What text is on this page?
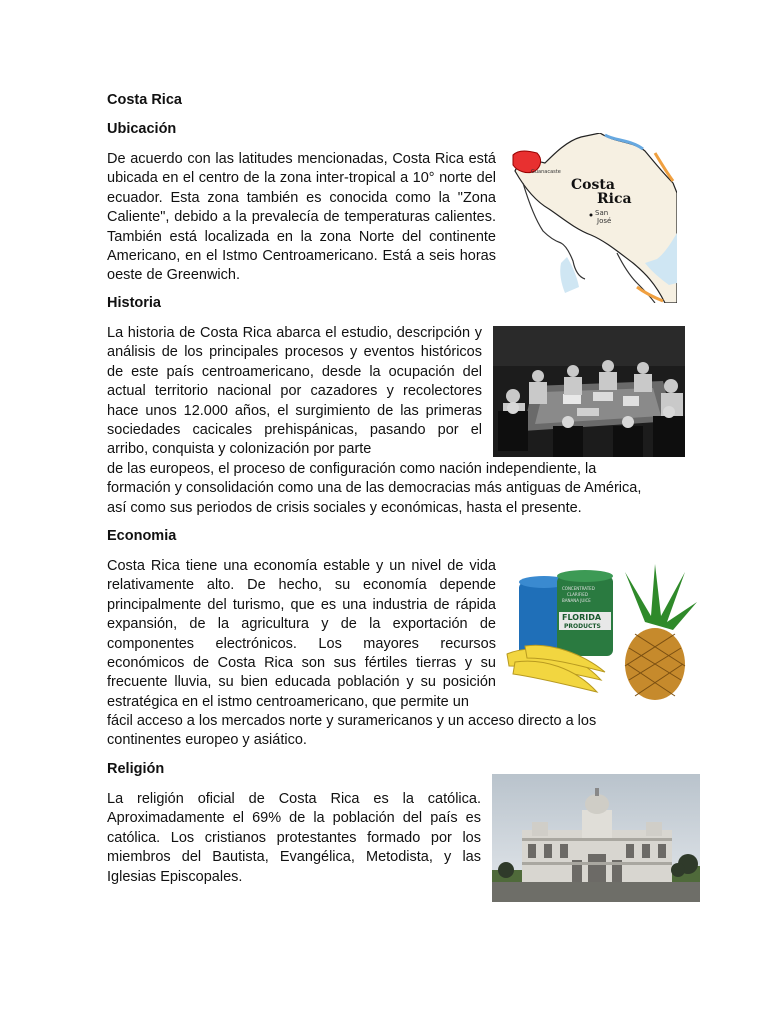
Costa Rica
Ubicación

De acuerdo con las latitudes mencionadas, Costa Rica está ubicada en el centro de la zona inter-tropical a 10° norte del ecuador. Esta zona también es conocida como la "Zona Caliente", debido a la prevalecía de temperaturas calientes. También está localizada en la zona Norte del continente Americano, en el Istmo Centroamericano. Está a seis horas oeste de Greenwich.

Costa
Rica
San
José
Guanacaste
Historia

La historia de Costa Rica abarca el estudio, descripción y análisis de los principales procesos y eventos históricos de este país centroamericano, desde la ocupación del actual territorio nacional por cazadores y recolectores hace unos 12.000 años, el surgimiento de las primeras sociedades cacicales prehispánicas, pasando por el arribo, conquista y colonización por parte

de las europeos, el proceso de configuración como nación independiente, la
formación y consolidación como una de las democracias más antiguas de América,
así como sus periodos de crisis sociales y económicas, hasta el presente.

Economia

Costa Rica tiene una economía estable y un nivel de vida relativamente alto. De hecho, su economía depende principalmente del turismo, que es una industria de rápida expansión, de la agricultura y de la exportación de componentes electrónicos. Los mayores recursos económicos de Costa Rica son sus fértiles tierras y su frecuente lluvia, su bien educada población y su posición estratégica en el istmo centroamericano, que permite un

fácil acceso a los mercados norte y suramericanos y un acceso directo a los
continentes europeo y asiático.

FLORIDA
PRODUCTS
CONCENTRATED
CLARIFIED
BANANA JUICE
Religión

La religión oficial de Costa Rica es la católica. Aproximadamente el 69% de la población del país es católica. Los cristianos protestantes formado por los miembros del Bautista, Evangélica, Metodista, y las Iglesias Episcopales.
